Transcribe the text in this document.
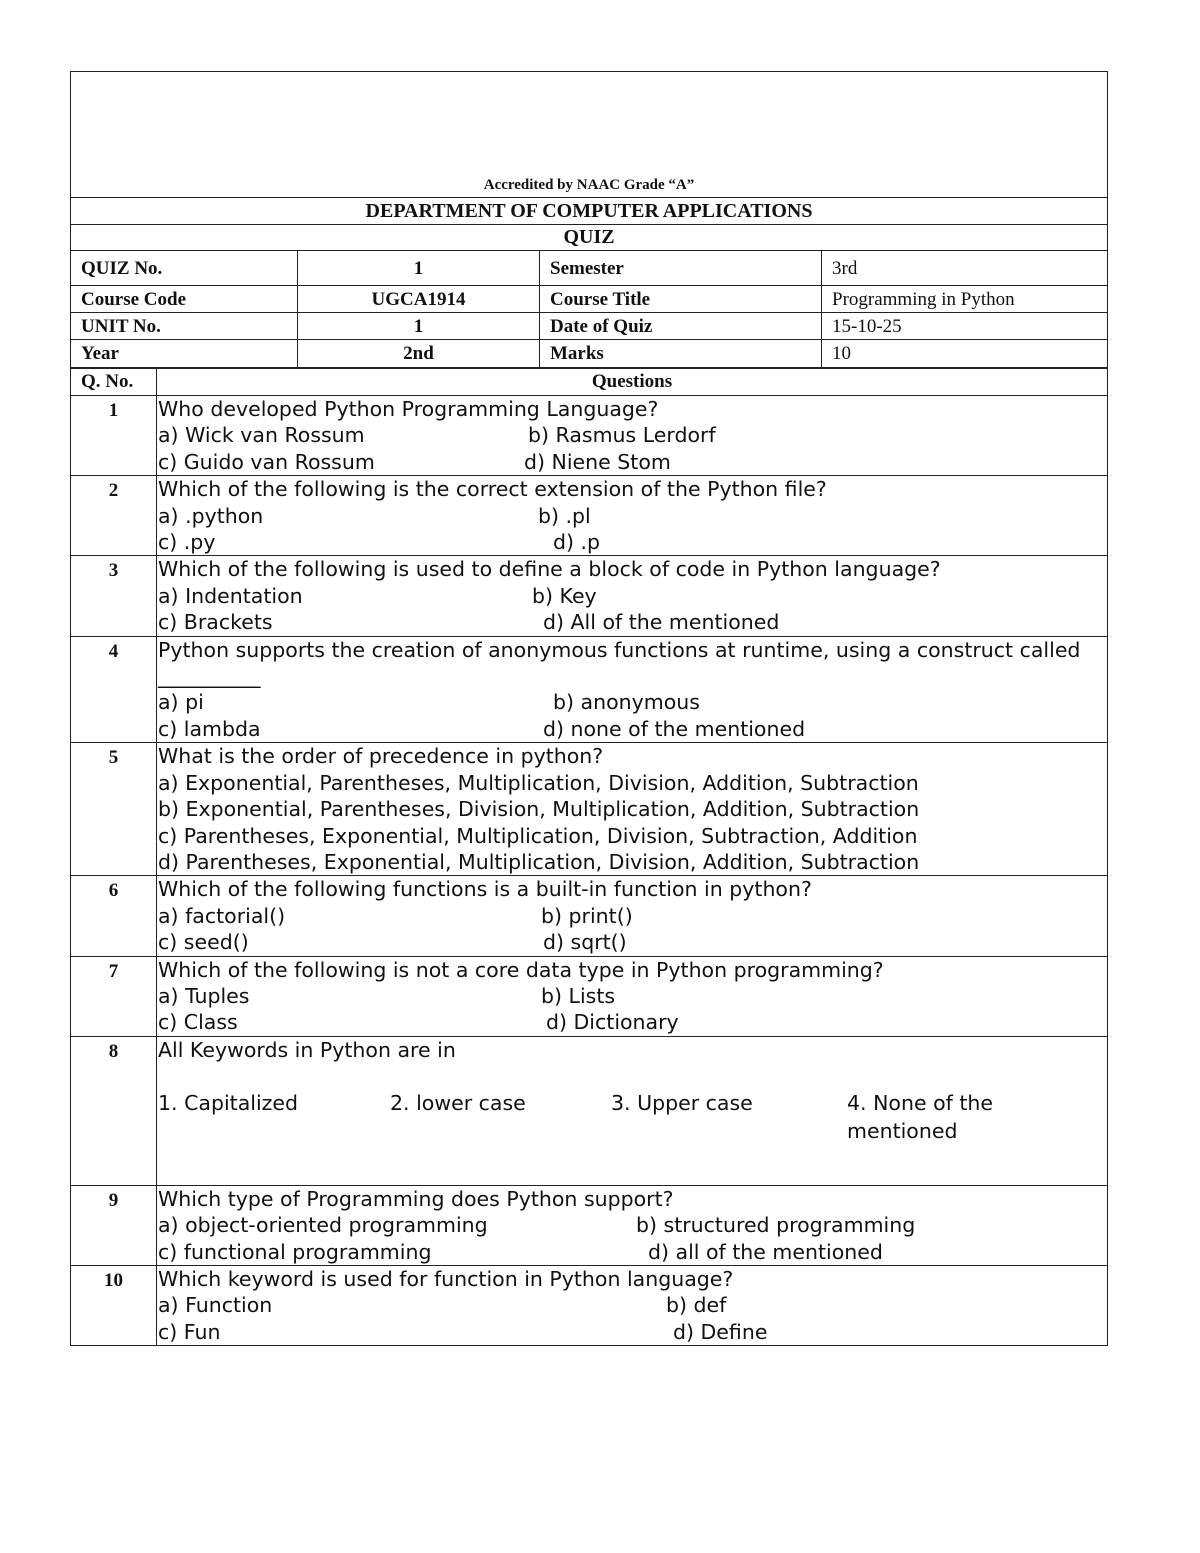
Accredited by NAAC Grade “A”			
DEPARTMENT OF COMPUTER APPLICATIONS			
QUIZ			
QUIZ No.	1	Semester	3rd
Course Code	UGCA1914	Course Title	Programming in Python
UNIT No.	1	Date of Quiz	15-10-25
Year	2nd	Marks	10
Q. No.	Questions
1	Who developed Python Programming Language?
a) Wick van Rossum b) Rasmus Lerdorf
c) Guido van Rossum d) Niene Stom

2	Which of the following is the correct extension of the Python file?
a) .python b) .pl
c) .py d) .p

3	Which of the following is used to define a block of code in Python language?
a) Indentation b) Key
c) Brackets d) All of the mentioned

4	Python supports the creation of anonymous functions at runtime, using a construct called __________
a) pi b) anonymous
c) lambda d) none of the mentioned

5	What is the order of precedence in python?
a) Exponential, Parentheses, Multiplication, Division, Addition, Subtraction
b) Exponential, Parentheses, Division, Multiplication, Addition, Subtraction
c) Parentheses, Exponential, Multiplication, Division, Subtraction, Addition
d) Parentheses, Exponential, Multiplication, Division, Addition, Subtraction

6	Which of the following functions is a built-in function in python?
a) factorial() b) print()
c) seed() d) sqrt()

7	Which of the following is not a core data type in Python programming?
a) Tuples b) Lists
c) Class d) Dictionary

8	All Keywords in Python are in
1. Capitalized 2. lower case 3. Upper case 4. None of the mentioned

9	Which type of Programming does Python support?
a) object-oriented programming b) structured programming
c) functional programming d) all of the mentioned

10	Which keyword is used for function in Python language?
a) Function b) def
c) Fun d) Define
